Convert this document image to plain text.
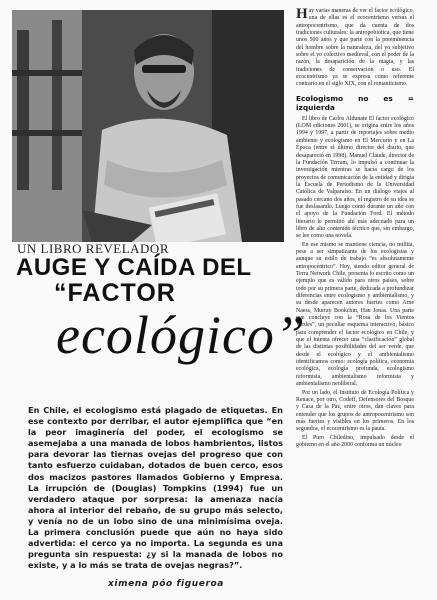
UN LIBRO REVELADOR
AUGE Y CAÍDA DEL
“FACTOR
ecológico”

En Chile, el ecologismo está plagado de etiquetas. En ese contexto por derribar, el autor ejemplifica que “en la peor imaginería del poder, el ecologismo se asemejaba a una manada de lobos hambrientos, listos para devorar las tiernas ovejas del progreso que con tanto esfuerzo cuidaban, dotados de buen cerco, esos dos macizos pastores llamados Gobierno y Empresa. La irrupción de (Douglas) Tompkins (1994) fue un verdadero ataque por sorpresa: la amenaza nacía ahora al interior del rebaño, de su grupo más selecto, y venía no de un lobo sino de una minimísima oveja. La primera conclusión puede que aún no haya sido advertida: el cerco ya no importa. La segunda es una pregunta sin respuesta: ¿y si la manada de lobos no existe, y a lo más se trata de ovejas negras?”.

ximena póo figueroa

Hay varias maneras de ver el factor ecológico, una de ellas es el ecocentrismo versus el antropocentrismo, que da cuenta de dos tradiciones culturales: la antropobiótica, que tiene unos 500 años y que parte con la preeminencia del hombre sobre la naturaleza, del yo subjetivo sobre el yo colectivo medieval, con el poder de la razón, la desaparición de la magia, y las tradiciones de conservación o uso. El ecocentrismo ya se expresa como referente contrario en el siglo XIX, con el romanticismo.

Ecologismo no es = izquierda

El libro de Carlos Aldunate El factor ecológico (LOM ediciones 2001), se origina entre los años 1994 y 1997, a partir de reportajes sobre medio ambiente y ecologismo en El Mercurio y en La Época (entre el último director del diario, que desapareció en 1998), Manuel Claude, director de la Fundación Terram, lo impulsó a continuar la investigación mientras se hacía cargo de los proyectos de comunicación de la entidad y dirigía la Escuela de Periodismo de la Universidad Católica de Valparaíso. En un diálogo viajes al pasado cercano dos años, el registro de su idea se fue desfasando. Luego contó durante un año con el apoyo de la Fundación Ford. El método literario le permitió ahí más adecuado para un libro de alto contenido técnico que, sin embargo, se lee como una novela.

En ese mismo se mantiene ciencia, no militia, pese a ser simpatizante de los ecologistas y aunque su estilo de trabajo “es absolutamente antropocéntrico”. Hoy, siendo editor general de Terra Network Chile, presenta lo escrito como un ejemplo que es válido para otros países, sobre todo por su primera parte, dedicada a profundizar diferencias entre ecologismo y ambientalismo, y su desde aparecen autores fuertes como Arne Naess, Murray Bookchin, Han Jonas. Una parte que concluye con la “Rosa de los Vientos Verdes”, un peculiar esquema interactivo, básico para comprender el factor ecológico en Chile, y que el intenta ofrecer una “clasificación” global de las distintas posibilidades del ser verde, que desde el ecológico y el ambientalismo identificamos como: ecología política, economía ecológica, ecología profunda, ecologismo reformista, ambientalismo reformista y ambientalismo neoliberal.

Por un lado, el Instituto de Ecología Política y Renace, por otro, Codeff, Defensores del Bosque y Casa de la Paz, entre otros, dan claves para entender que los grupos de antropocentrismo son más fuertes y visibles en los primeros. En los segundos, el ecocentrismo es la pauta.

El Puro Chiledino, impulsado desde el gobierno en el año 2000 conforma un núcleo
